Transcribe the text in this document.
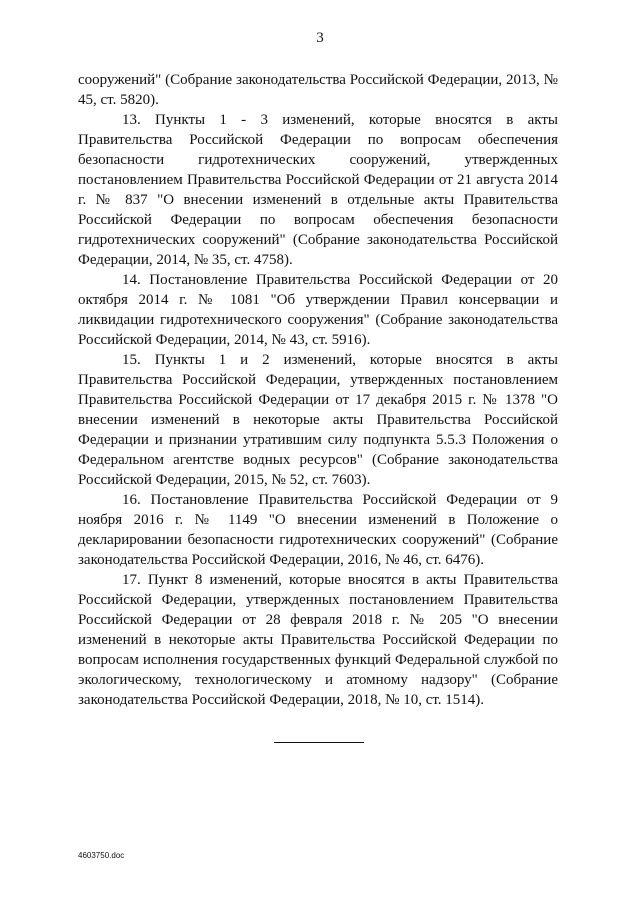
3

сооружений" (Собрание законодательства Российской Федерации, 2013, № 45, ст. 5820).

13. Пункты 1 - 3 изменений, которые вносятся в акты Правительства Российской Федерации по вопросам обеспечения безопасности гидротехнических сооружений, утвержденных постановлением Правительства Российской Федерации от 21 августа 2014 г. № 837 "О внесении изменений в отдельные акты Правительства Российской Федерации по вопросам обеспечения безопасности гидротехнических сооружений" (Собрание законодательства Российской Федерации, 2014, № 35, ст. 4758).

14. Постановление Правительства Российской Федерации от 20 октября 2014 г. № 1081 "Об утверждении Правил консервации и ликвидации гидротехнического сооружения" (Собрание законодательства Российской Федерации, 2014, № 43, ст. 5916).

15. Пункты 1 и 2 изменений, которые вносятся в акты Правительства Российской Федерации, утвержденных постановлением Правительства Российской Федерации от 17 декабря 2015 г. № 1378 "О внесении изменений в некоторые акты Правительства Российской Федерации и признании утратившим силу подпункта 5.5.3 Положения о Федеральном агентстве водных ресурсов" (Собрание законодательства Российской Федерации, 2015, № 52, ст. 7603).

16. Постановление Правительства Российской Федерации от 9 ноября 2016 г. № 1149 "О внесении изменений в Положение о декларировании безопасности гидротехнических сооружений" (Собрание законодательства Российской Федерации, 2016, № 46, ст. 6476).

17. Пункт 8 изменений, которые вносятся в акты Правительства Российской Федерации, утвержденных постановлением Правительства Российской Федерации от 28 февраля 2018 г. № 205 "О внесении изменений в некоторые акты Правительства Российской Федерации по вопросам исполнения государственных функций Федеральной службой по экологическому, технологическому и атомному надзору" (Собрание законодательства Российской Федерации, 2018, № 10, ст. 1514).

4603750.doc
